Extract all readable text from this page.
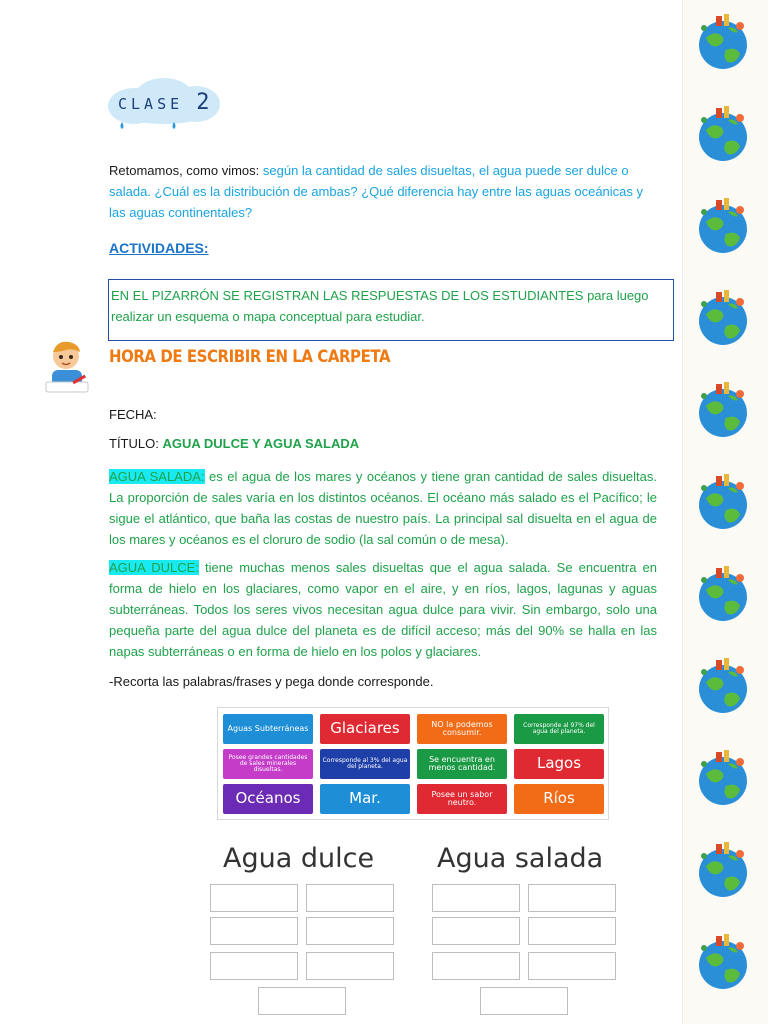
CLASE 2

Retomamos, como vimos: según la cantidad de sales disueltas, el agua puede ser dulce o salada. ¿Cuál es la distribución de ambas? ¿Qué diferencia hay entre las aguas oceánicas y las aguas continentales?

ACTIVIDADES:
EN EL PIZARRÓN SE REGISTRAN LAS RESPUESTAS DE LOS ESTUDIANTES para luego realizar un esquema o mapa conceptual para estudiar.
HORA DE ESCRIBIR EN LA CARPETA
FECHA:
TÍTULO: AGUA DULCE Y AGUA SALADA

AGUA SALADA: es el agua de los mares y océanos y tiene gran cantidad de sales disueltas. La proporción de sales varía en los distintos océanos. El océano más salado es el Pacífico; le sigue el atlántico, que baña las costas de nuestro país. La principal sal disuelta en el agua de los mares y océanos es el cloruro de sodio (la sal común o de mesa).

AGUA DULCE: tiene muchas menos sales disueltas que el agua salada. Se encuentra en forma de hielo en los glaciares, como vapor en el aire, y en ríos, lagos, lagunas y aguas subterráneas. Todos los seres vivos necesitan agua dulce para vivir. Sin embargo, solo una pequeña parte del agua dulce del planeta es de difícil acceso; más del 90% se halla en las napas subterráneas o en forma de hielo en los polos y glaciares.

-Recorta las palabras/frases y pega donde corresponde.
Aguas Subterráneas	Glaciares	NO la podemos consumir.
Corresponde al 97% del agua del planeta.
Posee grandes cantidades de sales minerales disueltas.
Corresponde al 3% del agua del planeta.
Se encuentra en menos cantidad.	Lagos
Océanos	Mar.	Posee un sabor neutro.	Ríos
Agua dulce Agua salada
